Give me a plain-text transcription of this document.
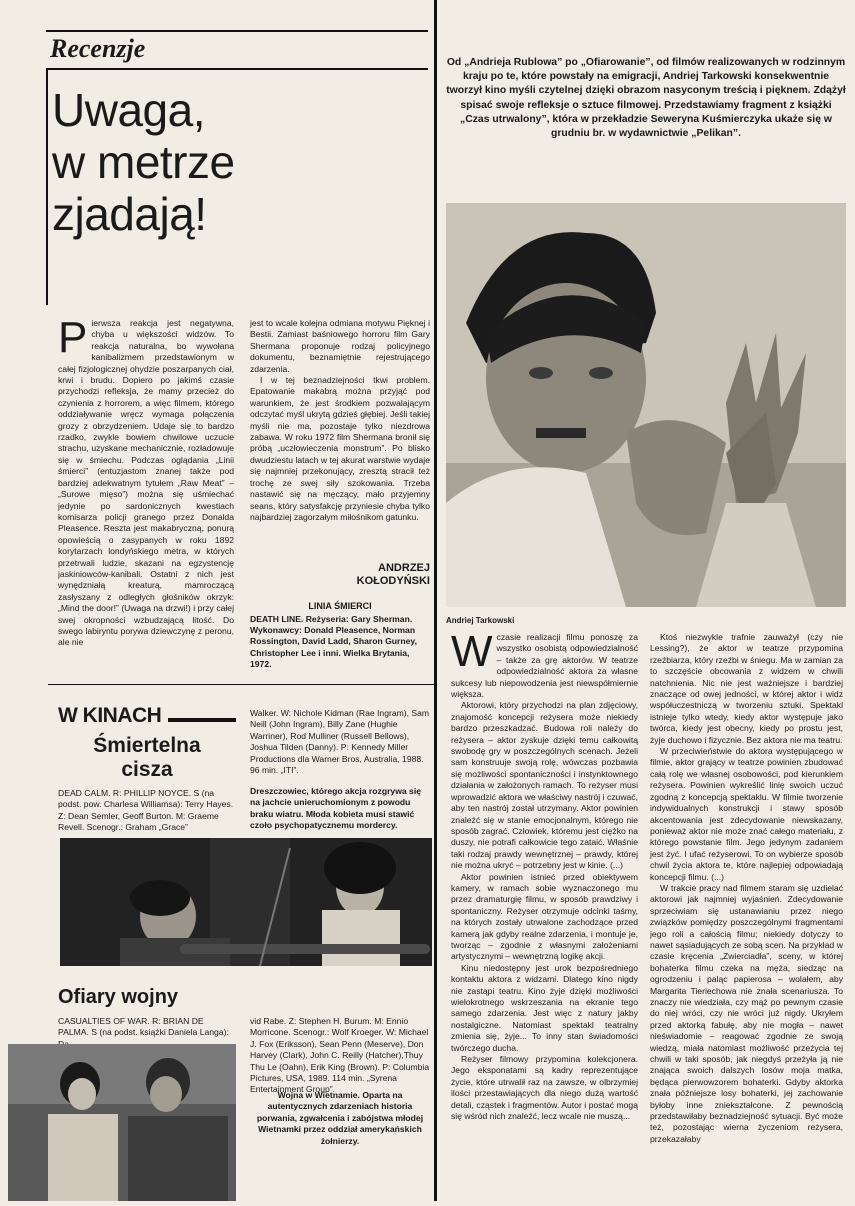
Recenzje
Uwaga,
w metrze
zjadają!
P ierwsza reakcja jest negatywna, chyba u większości widzów. To reakcja naturalna, bo wywołana kanibalizmem przedstawionym w całej fizjologicznej ohydzie poszarpanych ciał, krwi i brudu. Dopiero po jakimś czasie przychodzi refleksja, że mamy przecież do czynienia z horrorem, a więc filmem, którego oddziaływanie wręcz wymaga połączenia grozy z obrzydzeniem. Udaje się to bardzo rzadko, zwykle bowiem chwilowe uczucie strachu, uzyskane mechanicznie, rozładowuje się w śmiechu. Podczas oglądania „Linii śmierci” (entuzjastom znanej także pod bardziej adekwatnym tytułem „Raw Meat” – „Surowe mięso”) można się uśmiechać jedynie po sardonicznych kwestiach komisarza policji granego przez Donalda Pleasence. Reszta jest makabryczną, ponurą opowieścią o zasypanych w roku 1892 korytarzach londyńskiego metra, w których przetrwali ludzie, skazani na egzystencję jaskiniowców-kanibali. Ostatni z nich jest wynędzniałą kreaturą, mamroczącą zasłyszany z odległych głośników okrzyk: „Mind the door!” (Uwaga na drzwi!) i przy całej swej okropności wzbudzającą litość. Do swego labiryntu porywa dziewczynę z peronu, ale nie

jest to wcale kolejna odmiana motywu Pięknej i Bestii. Zamiast baśniowego horroru film Gary Shermana proponuje rodzaj policyjnego dokumentu, beznamiętnie rejestrującego zdarzenia.

I w tej beznadziejności tkwi problem. Epatowanie makabrą można przyjąć pod warunkiem, że jest środkiem pozwalającym odczytać myśl ukrytą gdzieś głębiej. Jeśli takiej myśli nie ma, pozostaje tylko niezdrowa zabawa. W roku 1972 film Shermana bronił się próbą „uczłowieczenia monstrum”. Po blisko dwudziestu latach w tej akurat warstwie wydaje się najmniej przekonujący, zresztą stracił też trochę ze swej siły szokowania. Trzeba nastawić się na męczący, mało przyjemny seans, który satysfakcję przyniesie chyba tylko najbardziej zagorzałym miłośnikom gatunku.

ANDRZEJ
KOŁODYŃSKI
LINIA ŚMIERCI
DEATH LINE. Reżyseria: Gary Sherman. Wykonawcy: Donald Pleasence, Norman Rossington, David Ladd, Sharon Gurney, Christopher Lee i inni. Wielka Brytania, 1972.
W KINACH
Śmiertelna
cisza
DEAD CALM. R: PHILLIP NOYCE. S (na podst. pow. Charlesa Williamsa): Terry Hayes. Z: Dean Semler, Geoff Burton. M: Graeme Revell. Scenogr.: Graham „Grace”
Walker. W: Nichole Kidman (Rae Ingram), Sam Neill (John Ingram), Billy Zane (Hughie Warriner), Rod Mulliner (Russell Bellows), Joshua Tilden (Danny). P: Kennedy Miller Productions dla Warner Bros, Australia, 1988. 96 min. „ITI”.
Dreszczowiec, którego akcja rozgrywa się na jachcie unieruchomionym z powodu braku wiatru. Młoda kobieta musi stawić czoło psychopatycznemu mordercy.
Ofiary wojny
CASUALTIES OF WAR. R: BRIAN DE PALMA. S (na podst. książki Daniela Langa):
vid Rabe. Z: Stephen H. Burum. M: Ennio Morricone. Scenogr.: Wolf Kroeger. W: Michael J. Fox (Eriksson), Sean Penn (Meserve), Don Harvey (Clark), John C. Reilly (Hatcher),Thuy Thu Le (Oahn), Erik King (Brown). P: Columbia Pictures, USA, 1989. 114 min. „Syrena Entertainment Group”.
Wojna w Wietnamie. Oparta na autentycznych zdarzeniach historia porwania, zgwałcenia i zabójstwa młodej Wietnamki przez oddział amerykańskich żołnierzy.
Od „Andrieja Rublowa” po „Ofiarowanie”, od filmów realizowanych w rodzinnym kraju po te, które powstały na emigracji, Andriej Tarkowski konsekwentnie tworzył kino myśli czytelnej dzięki obrazom nasyconym treścią i pięknem. Zdążył spisać swoje refleksje o sztuce filmowej. Przedstawiamy fragment z książki „Czas utrwalony”, która w przekładzie Seweryna Kuśmierczyka ukaże się w grudniu br. w wydawnictwie „Pelikan”.
Andriej Tarkowski
W czasie realizacji filmu ponoszę za wszystko osobistą odpowiedzialność – także za grę aktorów. W teatrze odpowiedzialność aktora za własne sukcesy lub niepowodzenia jest niewspółmiernie większa.

Aktorowi, który przychodzi na plan zdjęciowy, znajomość koncepcji reżysera może niekiedy bardzo przeszkadzać. Budowa roli należy do reżysera – aktor zyskuje dzięki temu całkowitą swobodę gry w poszczególnych scenach. Jeżeli sam konstruuje swoją rolę, wówczas pozbawia się możliwości spontaniczności i instynktownego działania w założonych ramach. To reżyser musi wprowadzić aktora we właściwy nastrój i czuwać, aby ten nastrój został utrzymany. Aktor powinien znaleźć się w stanie emocjonalnym, którego nie sposób zagrać. Człowiek, któremu jest ciężko na duszy, nie potrafi całkowicie tego zataić. Właśnie taki rodzaj prawdy wewnętrznej – prawdy, której nie można ukryć – potrzebny jest w kinie. (...)

Aktor powinien istnieć przed obiektywem kamery, w ramach sobie wyznaczonego mu przez dramaturgię filmu, w sposób prawdziwy i spontaniczny. Reżyser otrzymuje odcinki taśmy, na których zostały utrwalone zachodzące przed kamerą jak gdyby realne zdarzenia, i montuje je, tworząc – zgodnie z własnymi założeniami artystycznymi – wewnętrzną logikę akcji.

Kinu niedostępny jest urok bezpośredniego kontaktu aktora z widzami. Dlatego kino nigdy nie zastąpi teatru. Kino żyje dzięki możliwości wielokrotnego wskrzeszania na ekranie tego samego zdarzenia. Jest więc z natury jakby nostalgiczne. Natomiast spektakl teatralny zmienia się, żyje... To inny stan świadomości twórczego ducha.

Reżyser filmowy przypomina kolekcjonera. Jego eksponatami są kadry reprezentujące życie, które utrwalił raz na zawsze, w olbrzymiej ilości przestawiających dla niego dużą wartość detali, cząstek i fragmentów. Autor i postać mogą się wśród nich znaleźć, lecz wcale nie muszą...

Ktoś niezwykle trafnie zauważył (czy nie Lessing?), że aktor w teatrze przypomina rzeźbiarza, który rzeźbi w śniegu. Ma w zamian za to szczęście obcowania z widzem w chwili natchnienia. Nic nie jest ważniejsze i bardziej znaczące od owej jedności, w której aktor i widz współuczestniczą w tworzeniu sztuki. Spektakl istnieje tylko wtedy, kiedy aktor występuje jako twórca, kiedy jest obecny, kiedy po prostu jest, żyje duchowo i fizycznie. Bez aktora nie ma teatru.

W przeciwieństwie do aktora występującego w filmie, aktor grający w teatrze powinien zbudować całą rolę we własnej osobowości, pod kierunkiem reżysera. Powinien wykreślić linię swoich uczuć zgodną z koncepcją spektaklu. W filmie tworzenie indywidualnych konstrukcji i stawy sposób akcentowania jest zdecydowanie niewskazany, ponieważ aktor nie może znać całego materiału, z którego powstanie film. Jego jedynym zadaniem jest żyć. I ufać reżyserowi. To on wybierze sposób chwil życia aktora te, które najlepiej odpowiadają koncepcji filmu. (...)

W trakcie pracy nad filmem staram się uzdielać aktorowi jak najmniej wyjaśnień. Zdecydowanie sprzeciwiam się ustanawianiu przez niego związków pomiędzy poszczególnymi fragmentami jego roli a całością filmu; niekiedy dotyczy to nawet sąsiadujących ze sobą scen. Na przykład w czasie kręcenia „Zwierciadła”, sceny, w której bohaterka filmu czeka na męża, siedząc na ogrodzeniu i paląc papierosa – wolałem, aby Margarita Tieriechowa nie znała scenariusza. To znaczy nie wiedziała, czy mąż po pewnym czasie do niej wróci, czy nie wróci już nigdy. Ukryłem przed aktorką fabułę, aby nie mogła – nawet nieświadomie – reagować zgodnie ze swoją wiedzą, miała natomiast możliwość przeżycia tej chwili w taki sposób, jak niegdyś przeżyła ją nie znająca swoich dalszych losów moja matka, będąca pierwowzorem bohaterki. Gdyby aktorka znała późniejsze losy bohaterki, jej zachowanie byłoby inne zniekształcone. Z pewnością przedstawiłaby beznadziejność sytuacji. Być może też, pozostając wierna życzeniom reżysera, przekazałaby
